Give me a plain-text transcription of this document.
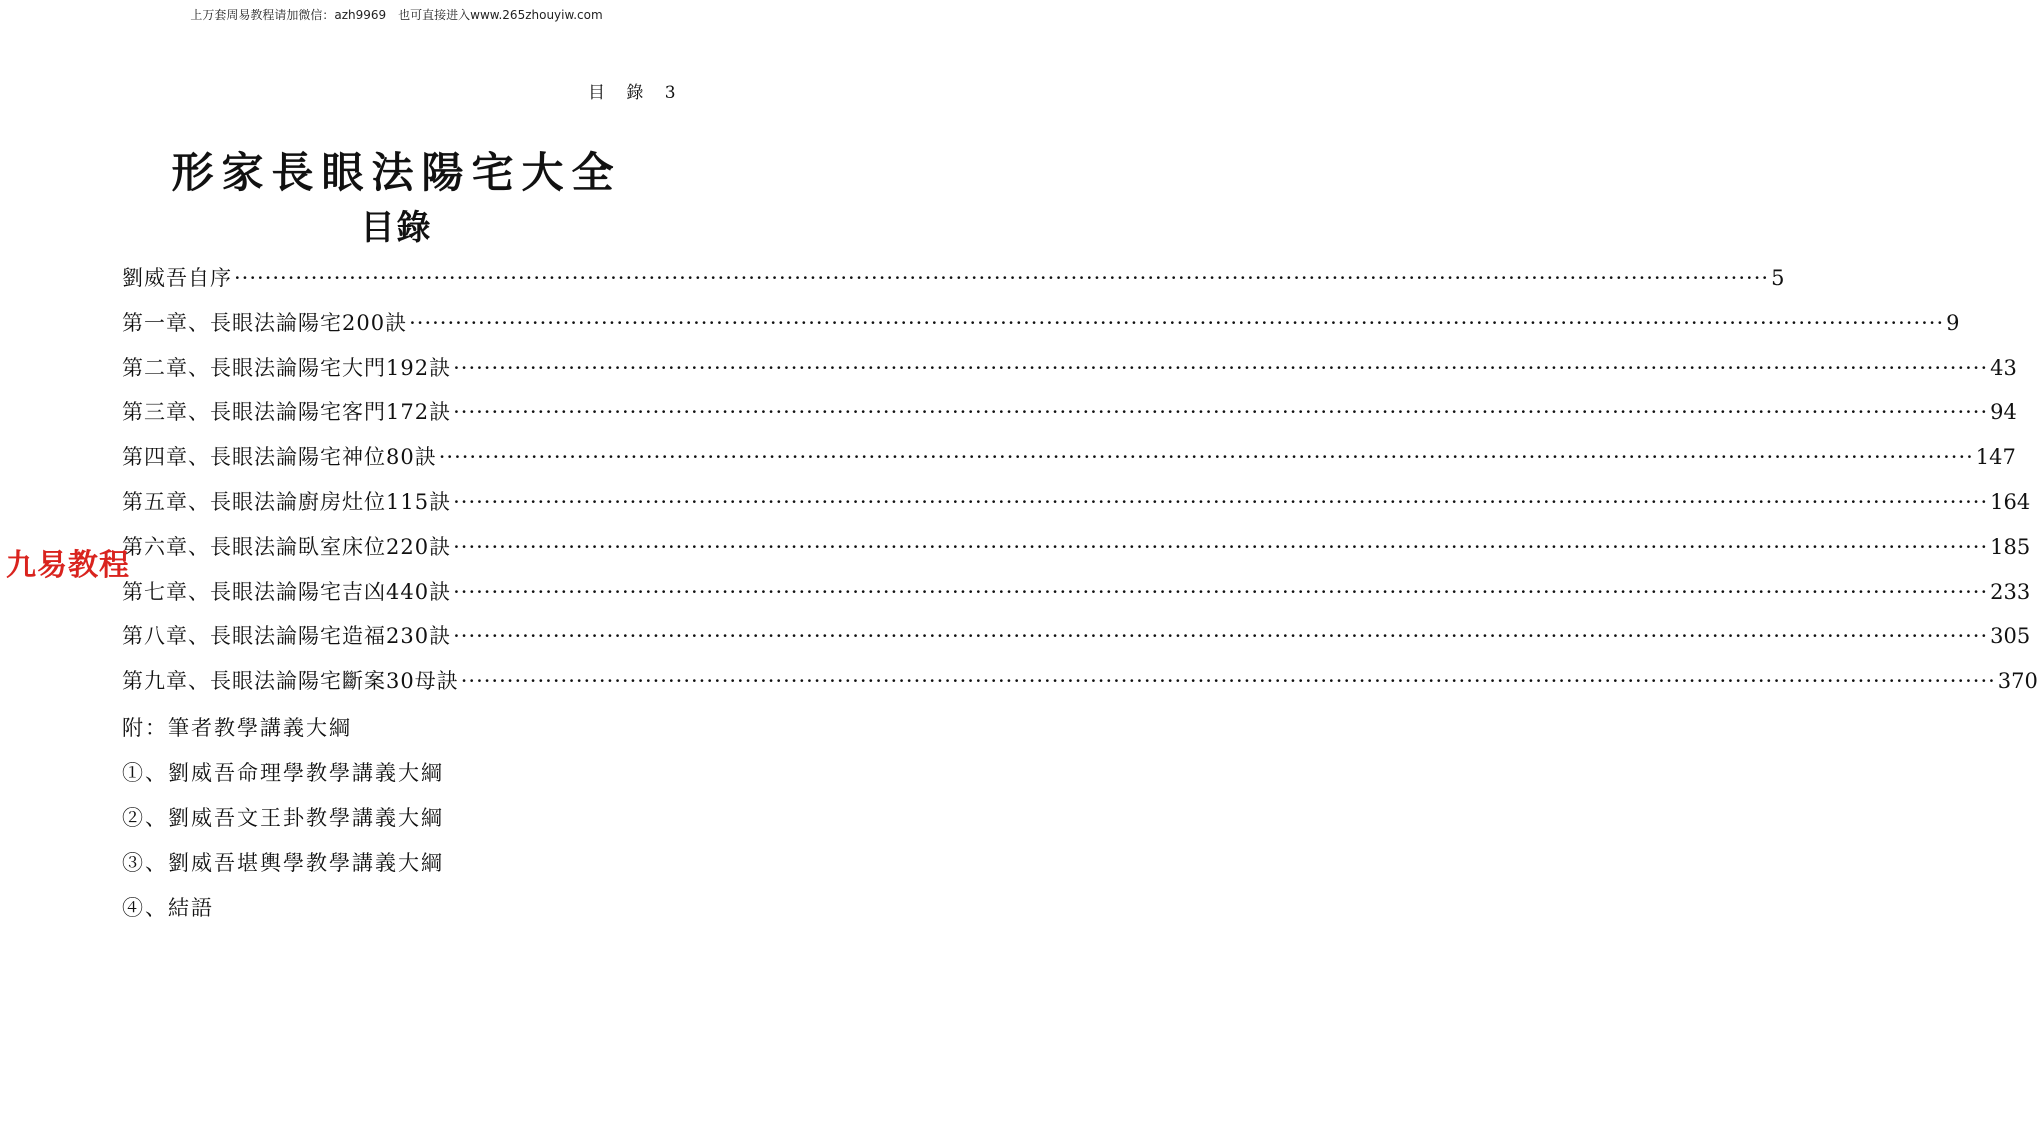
上万套周易教程请加微信：azh9969　也可直接进入www.265zhouyiw.com
目 錄 3
形家長眼法陽宅大全
目錄
劉威吾自序 ········································································································································································································ 5
第一章、長眼法論陽宅200訣 ········································································································································································································ 9
第二章、長眼法論陽宅大門192訣 ········································································································································································································ 43
第三章、長眼法論陽宅客門172訣 ········································································································································································································ 94
第四章、長眼法論陽宅神位80訣 ········································································································································································································ 147
第五章、長眼法論廚房灶位115訣 ········································································································································································································ 164
第六章、長眼法論臥室床位220訣 ········································································································································································································ 185
第七章、長眼法論陽宅吉凶440訣 ········································································································································································································ 233
第八章、長眼法論陽宅造福230訣 ········································································································································································································ 305
第九章、長眼法論陽宅斷案30母訣 ········································································································································································································ 370
附：筆者教學講義大綱
①、劉威吾命理學教學講義大綱
②、劉威吾文王卦教學講義大綱
③、劉威吾堪輿學教學講義大綱
④、結語
九易教程
